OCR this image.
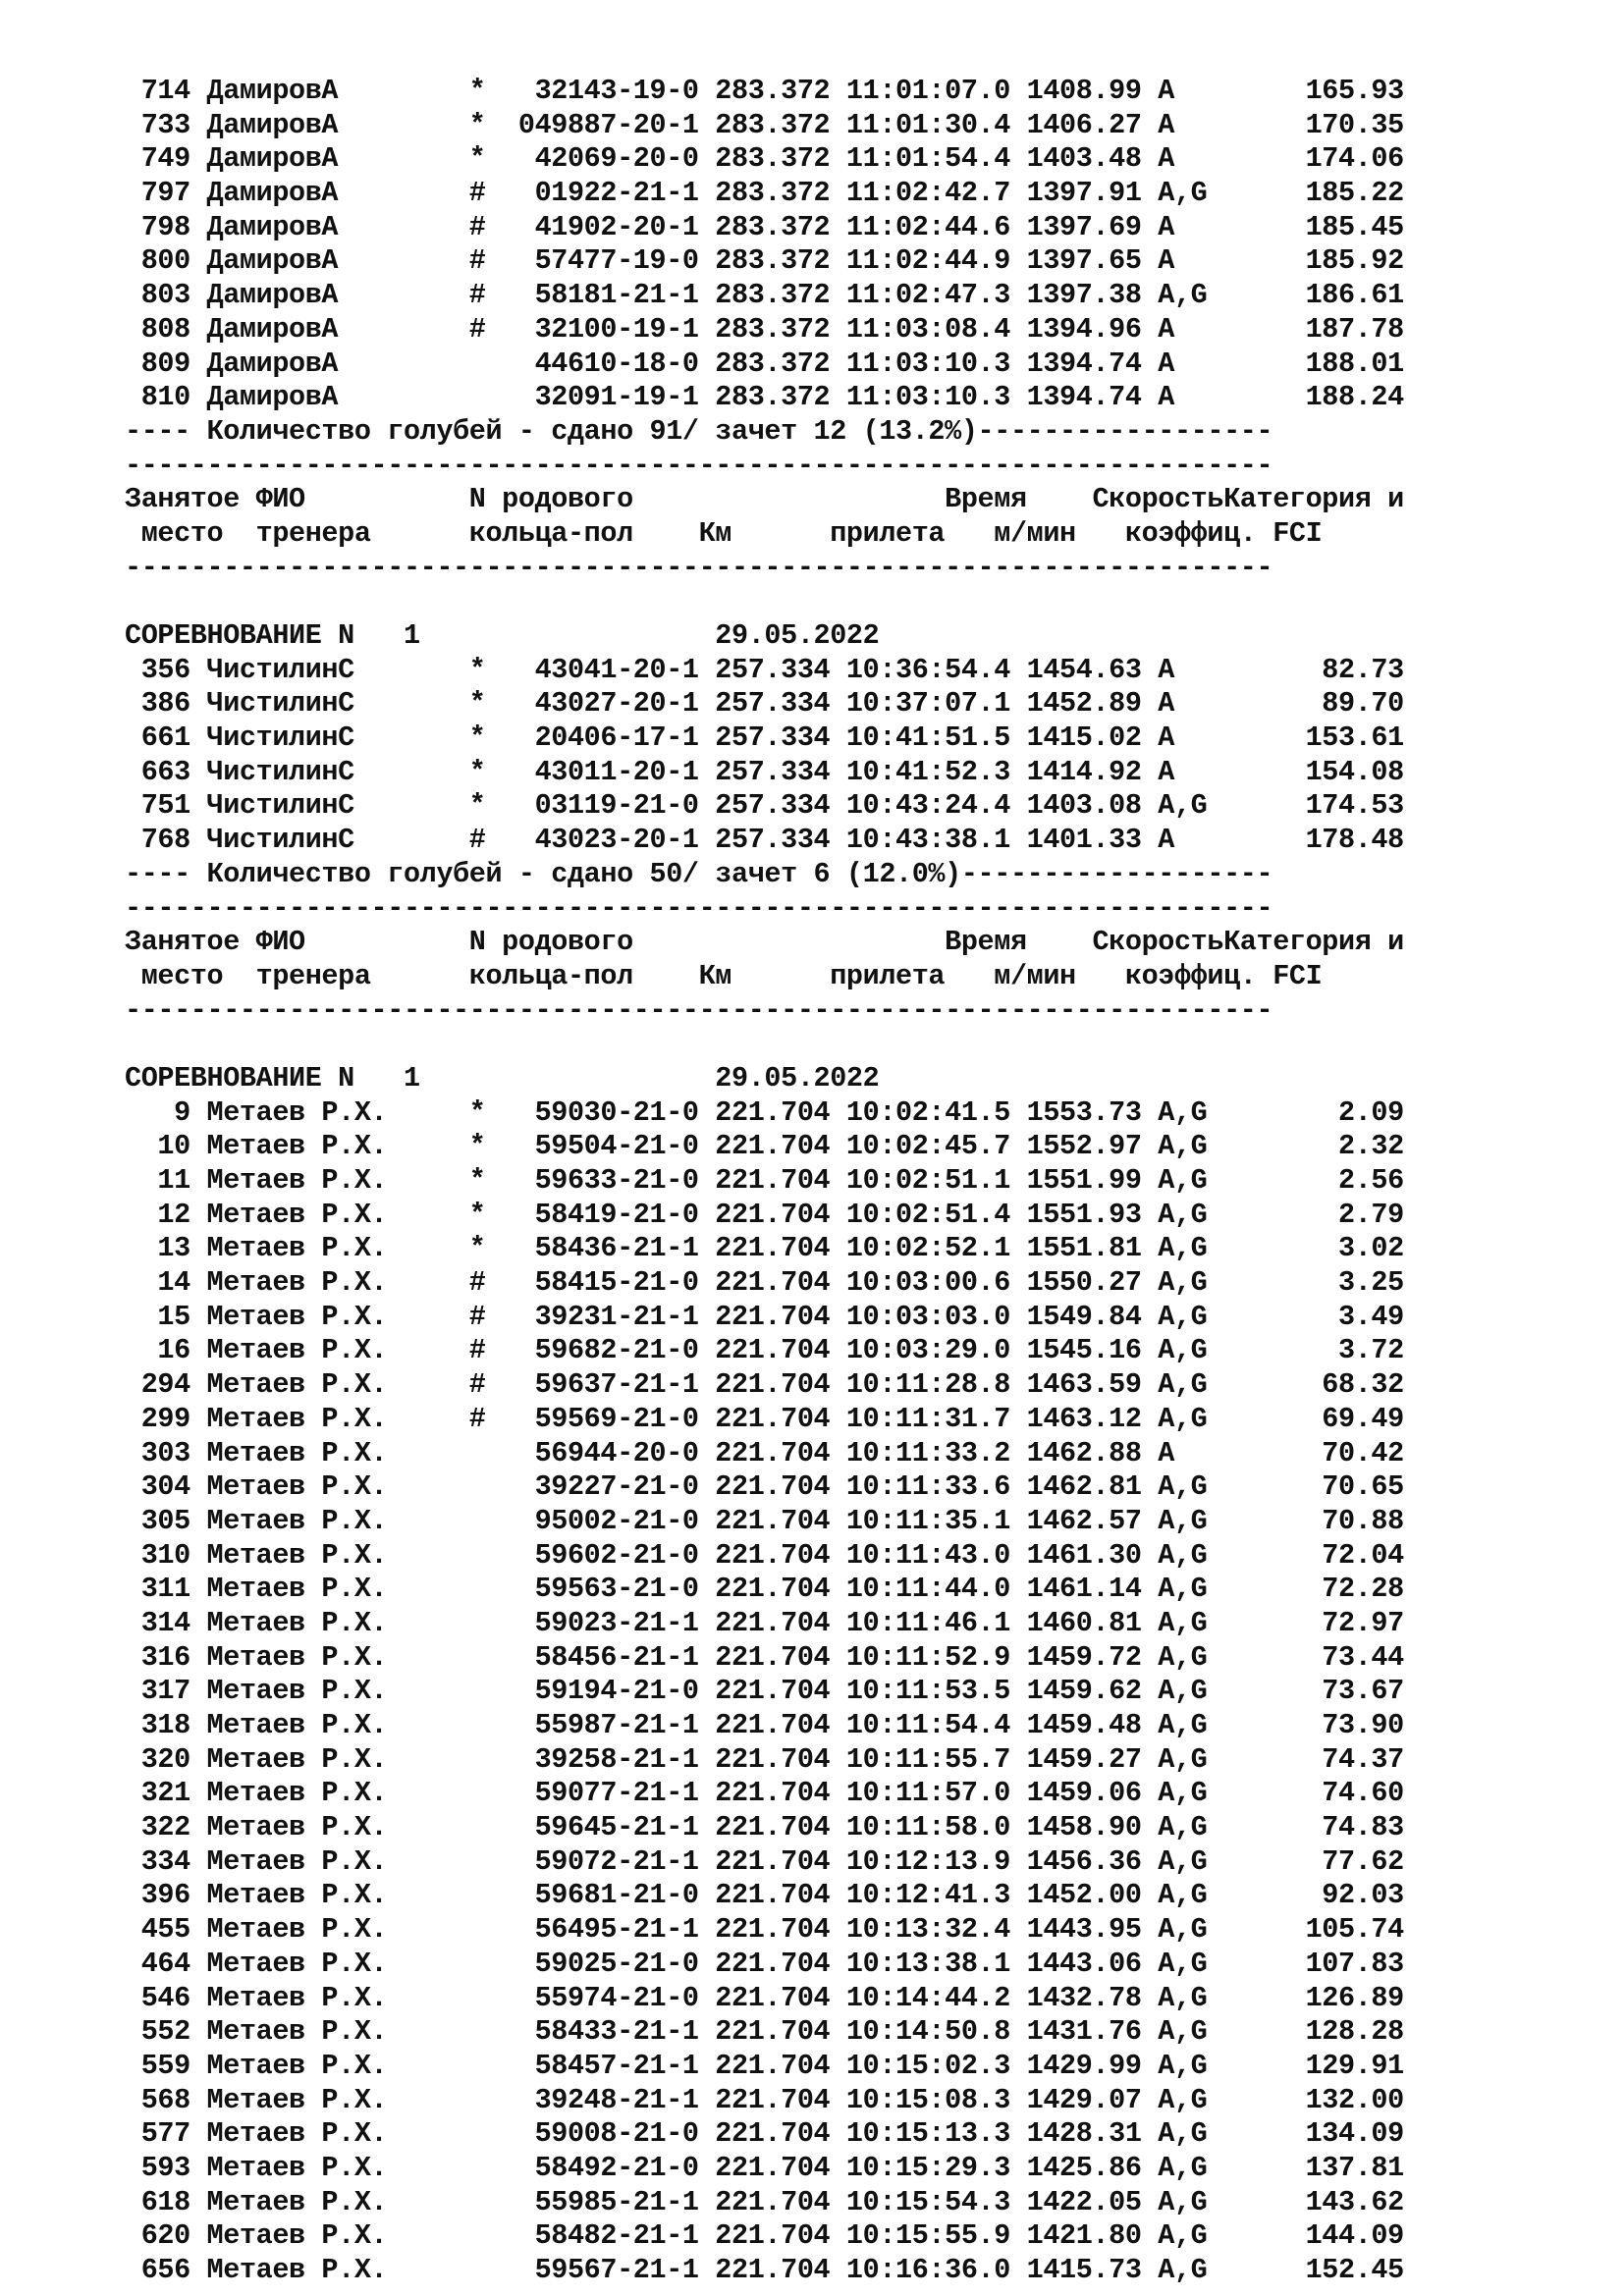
714 ДамировА        *   32143-19-0 283.372 11:01:07.0 1408.99 A        165.93
733 ДамировА        *  049887-20-1 283.372 11:01:30.4 1406.27 A        170.35
749 ДамировА        *   42069-20-0 283.372 11:01:54.4 1403.48 A        174.06
797 ДамировА        #   01922-21-1 283.372 11:02:42.7 1397.91 A,G      185.22
798 ДамировА        #   41902-20-1 283.372 11:02:44.6 1397.69 A        185.45
800 ДамировА        #   57477-19-0 283.372 11:02:44.9 1397.65 A        185.92
803 ДамировА        #   58181-21-1 283.372 11:02:47.3 1397.38 A,G      186.61
808 ДамировА        #   32100-19-1 283.372 11:03:08.4 1394.96 A        187.78
809 ДамировА            44610-18-0 283.372 11:03:10.3 1394.74 A        188.01
810 ДамировА            32091-19-1 283.372 11:03:10.3 1394.74 A        188.24
---- Количество голубей - сдано 91/ зачет 12 (13.2%)------------------
----------------------------------------------------------------------
Занятое ФИО          N родового                   Время    СкоростьКатегория и
место  тренера      кольца-пол    Км      прилета   м/мин   коэффиц. FCI
----------------------------------------------------------------------
СОРЕВНОВАНИЕ N   1                  29.05.2022
356 ЧистилинС       *   43041-20-1 257.334 10:36:54.4 1454.63 A         82.73
386 ЧистилинС       *   43027-20-1 257.334 10:37:07.1 1452.89 A         89.70
661 ЧистилинС       *   20406-17-1 257.334 10:41:51.5 1415.02 A        153.61
663 ЧистилинС       *   43011-20-1 257.334 10:41:52.3 1414.92 A        154.08
751 ЧистилинС       *   03119-21-0 257.334 10:43:24.4 1403.08 A,G      174.53
768 ЧистилинС       #   43023-20-1 257.334 10:43:38.1 1401.33 A        178.48
---- Количество голубей - сдано 50/ зачет 6 (12.0%)-------------------
----------------------------------------------------------------------
Занятое ФИО          N родового                   Время    СкоростьКатегория и
место  тренера      кольца-пол    Км      прилета   м/мин   коэффиц. FCI
----------------------------------------------------------------------
СОРЕВНОВАНИЕ N   1                  29.05.2022
9 Метаев Р.Х.     *   59030-21-0 221.704 10:02:41.5 1553.73 A,G        2.09
10 Метаев Р.Х.     *   59504-21-0 221.704 10:02:45.7 1552.97 A,G        2.32
11 Метаев Р.Х.     *   59633-21-0 221.704 10:02:51.1 1551.99 A,G        2.56
12 Метаев Р.Х.     *   58419-21-0 221.704 10:02:51.4 1551.93 A,G        2.79
13 Метаев Р.Х.     *   58436-21-1 221.704 10:02:52.1 1551.81 A,G        3.02
14 Метаев Р.Х.     #   58415-21-0 221.704 10:03:00.6 1550.27 A,G        3.25
15 Метаев Р.Х.     #   39231-21-1 221.704 10:03:03.0 1549.84 A,G        3.49
16 Метаев Р.Х.     #   59682-21-0 221.704 10:03:29.0 1545.16 A,G        3.72
294 Метаев Р.Х.     #   59637-21-1 221.704 10:11:28.8 1463.59 A,G       68.32
299 Метаев Р.Х.     #   59569-21-0 221.704 10:11:31.7 1463.12 A,G       69.49
303 Метаев Р.Х.         56944-20-0 221.704 10:11:33.2 1462.88 A         70.42
304 Метаев Р.Х.         39227-21-0 221.704 10:11:33.6 1462.81 A,G       70.65
305 Метаев Р.Х.         95002-21-0 221.704 10:11:35.1 1462.57 A,G       70.88
310 Метаев Р.Х.         59602-21-0 221.704 10:11:43.0 1461.30 A,G       72.04
311 Метаев Р.Х.         59563-21-0 221.704 10:11:44.0 1461.14 A,G       72.28
314 Метаев Р.Х.         59023-21-1 221.704 10:11:46.1 1460.81 A,G       72.97
316 Метаев Р.Х.         58456-21-1 221.704 10:11:52.9 1459.72 A,G       73.44
317 Метаев Р.Х.         59194-21-0 221.704 10:11:53.5 1459.62 A,G       73.67
318 Метаев Р.Х.         55987-21-1 221.704 10:11:54.4 1459.48 A,G       73.90
320 Метаев Р.Х.         39258-21-1 221.704 10:11:55.7 1459.27 A,G       74.37
321 Метаев Р.Х.         59077-21-1 221.704 10:11:57.0 1459.06 A,G       74.60
322 Метаев Р.Х.         59645-21-1 221.704 10:11:58.0 1458.90 A,G       74.83
334 Метаев Р.Х.         59072-21-1 221.704 10:12:13.9 1456.36 A,G       77.62
396 Метаев Р.Х.         59681-21-0 221.704 10:12:41.3 1452.00 A,G       92.03
455 Метаев Р.Х.         56495-21-1 221.704 10:13:32.4 1443.95 A,G      105.74
464 Метаев Р.Х.         59025-21-0 221.704 10:13:38.1 1443.06 A,G      107.83
546 Метаев Р.Х.         55974-21-0 221.704 10:14:44.2 1432.78 A,G      126.89
552 Метаев Р.Х.         58433-21-1 221.704 10:14:50.8 1431.76 A,G      128.28
559 Метаев Р.Х.         58457-21-1 221.704 10:15:02.3 1429.99 A,G      129.91
568 Метаев Р.Х.         39248-21-1 221.704 10:15:08.3 1429.07 A,G      132.00
577 Метаев Р.Х.         59008-21-0 221.704 10:15:13.3 1428.31 A,G      134.09
593 Метаев Р.Х.         58492-21-0 221.704 10:15:29.3 1425.86 A,G      137.81
618 Метаев Р.Х.         55985-21-1 221.704 10:15:54.3 1422.05 A,G      143.62
620 Метаев Р.Х.         58482-21-1 221.704 10:15:55.9 1421.80 A,G      144.09
656 Метаев Р.Х.         59567-21-1 221.704 10:16:36.0 1415.73 A,G      152.45
